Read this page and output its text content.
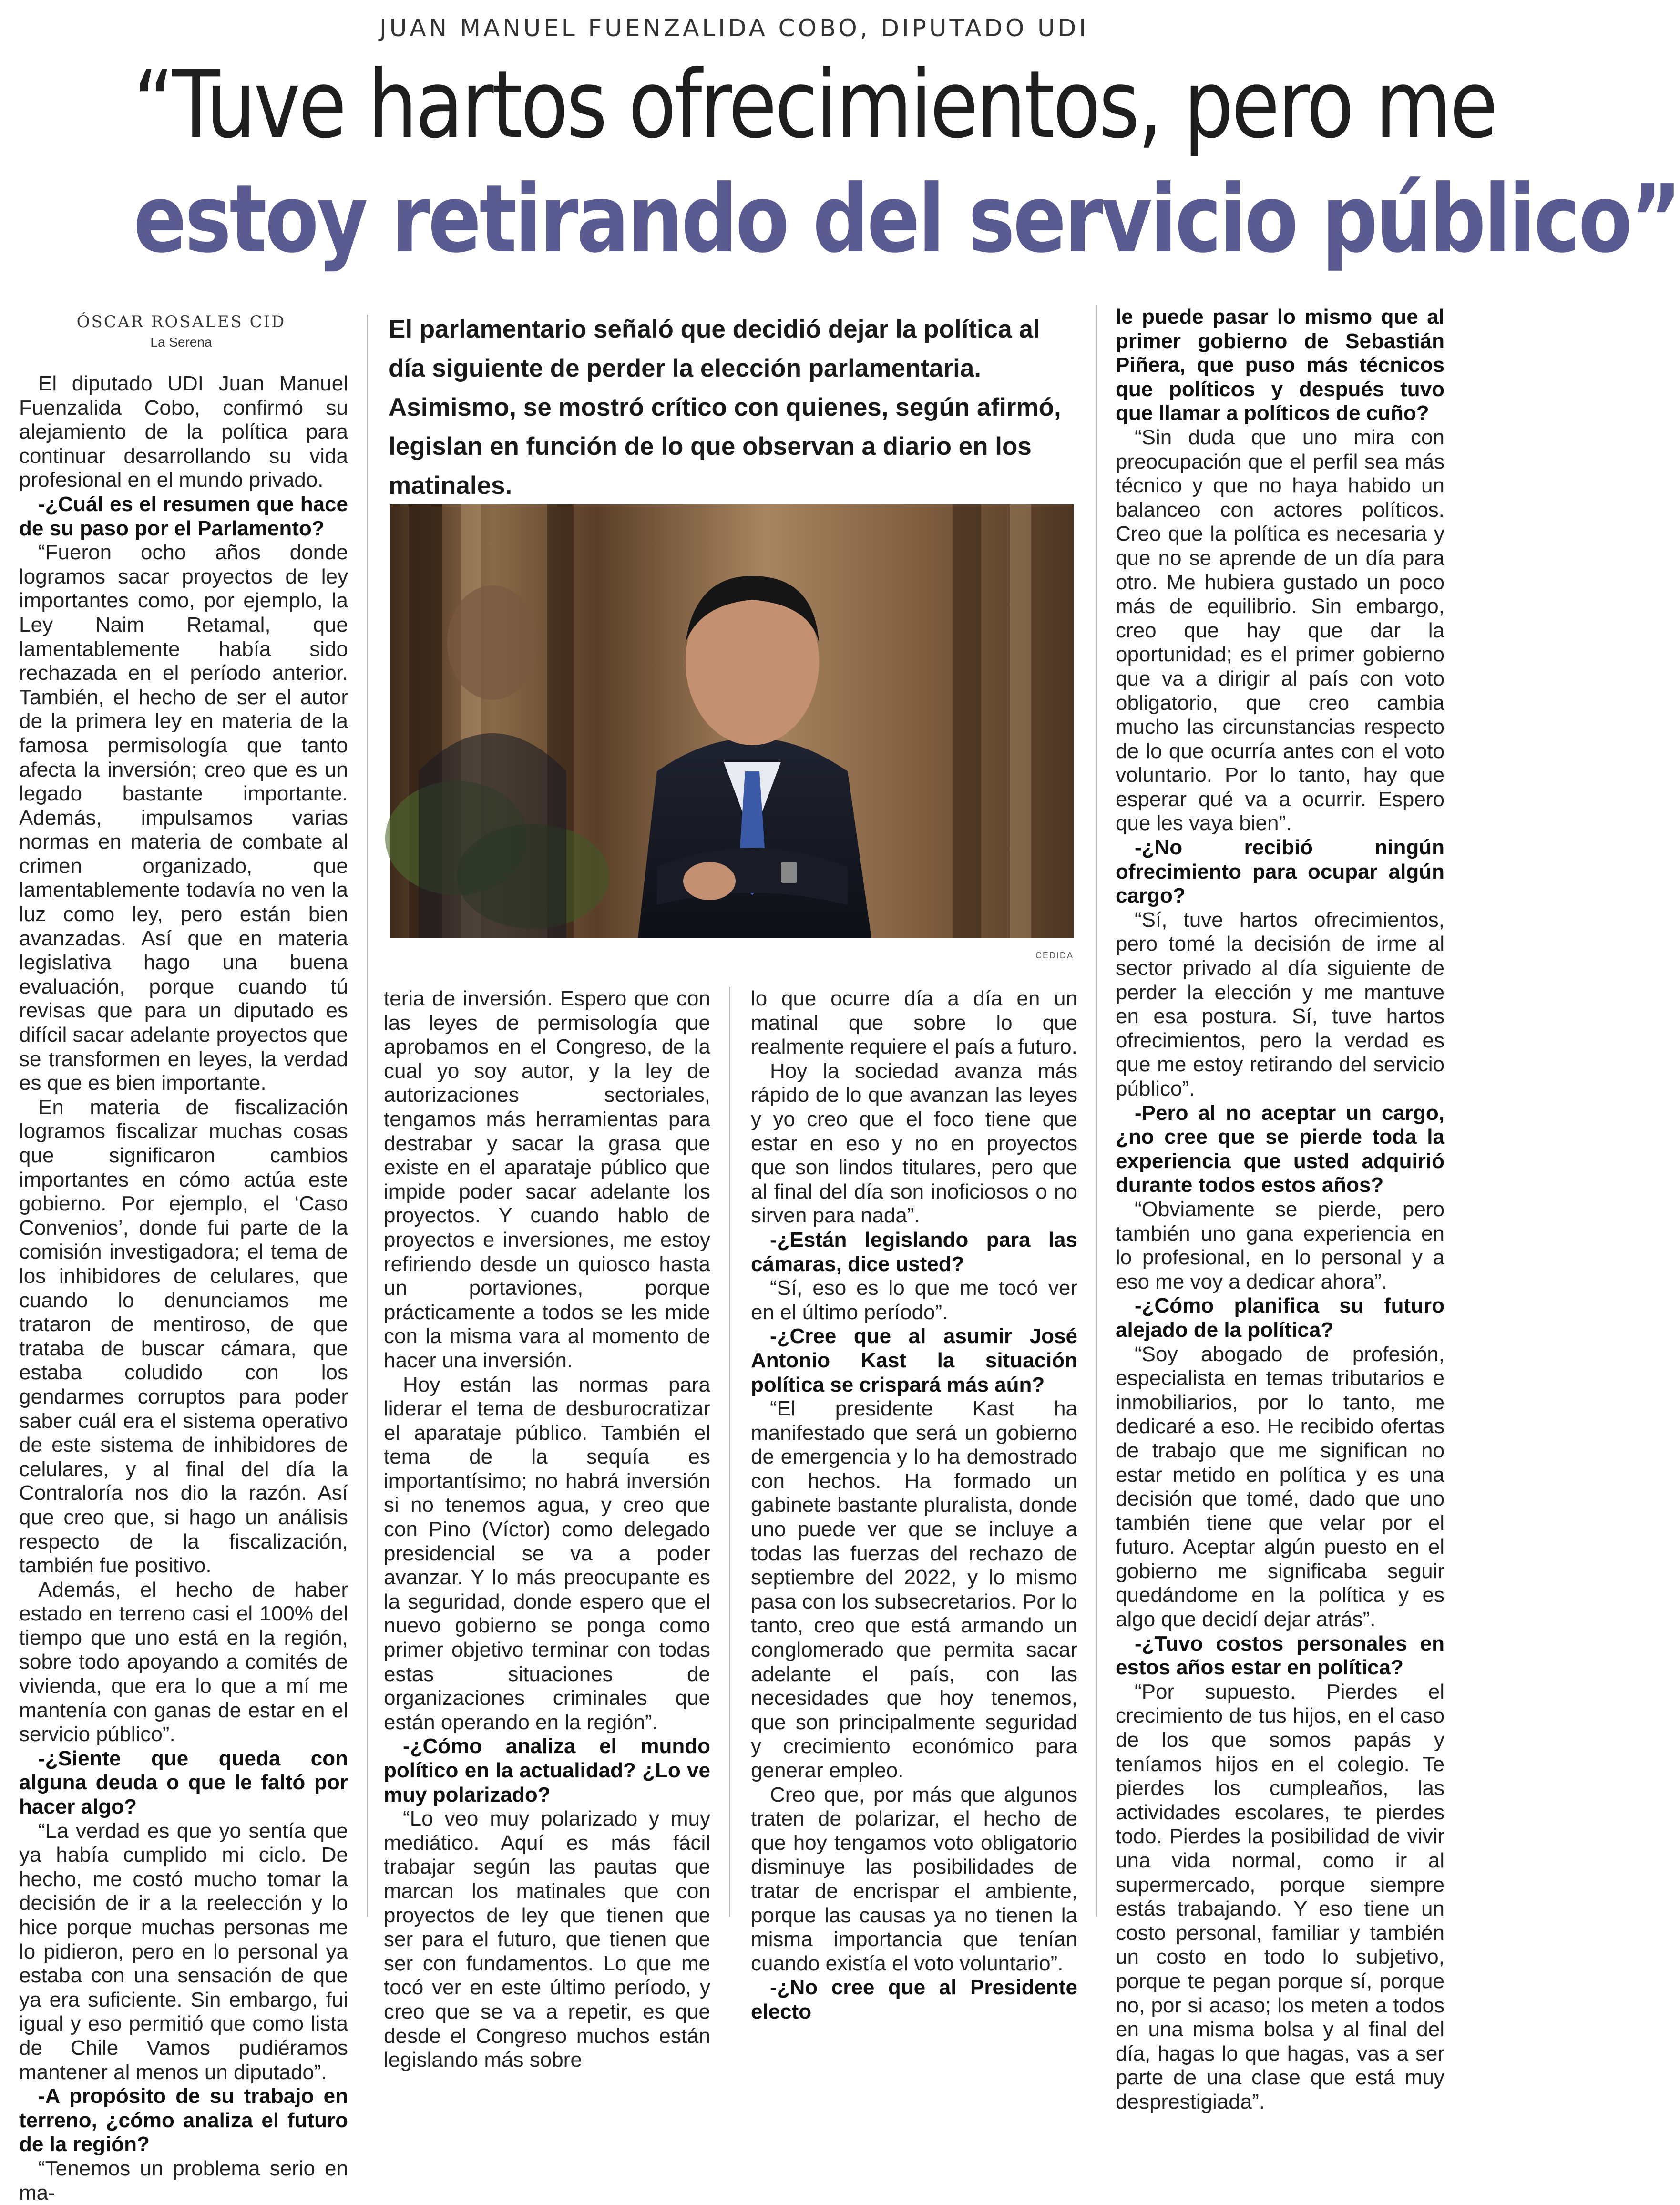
JUAN MANUEL FUENZALIDA COBO, DIPUTADO UDI
“Tuve hartos ofrecimientos, pero me
estoy retirando del servicio público”
ÓSCAR ROSALES CID
La Serena	El parlamentario señaló que decidió dejar la política al día siguiente de perder la elección parlamentaria. Asimismo, se mostró crítico con quienes, según afirmó, legislan en función de lo que observan a diario en los matinales.
CEDIDA

El diputado UDI Juan Manuel Fuenzalida Cobo, confirmó su alejamiento de la política para continuar desarrollando su vida profesional en el mundo privado.

-¿Cuál es el resumen que hace de su paso por el Parlamento?

“Fueron ocho años donde logramos sacar proyectos de ley importantes como, por ejemplo, la Ley Naim Retamal, que lamentablemente había sido rechazada en el período anterior. También, el hecho de ser el autor de la primera ley en materia de la famosa permisología que tanto afecta la inversión; creo que es un legado bastante importante. Además, impulsamos varias normas en materia de combate al crimen organizado, que lamentablemente todavía no ven la luz como ley, pero están bien avanzadas. Así que en materia legislativa hago una buena evaluación, porque cuando tú revisas que para un diputado es difícil sacar adelante proyectos que se transformen en leyes, la verdad es que es bien importante.

En materia de fiscalización logramos fiscalizar muchas cosas que significaron cambios importantes en cómo actúa este gobierno. Por ejemplo, el ‘Caso Convenios’, donde fui parte de la comisión investigadora; el tema de los inhibidores de celulares, que cuando lo denunciamos me trataron de mentiroso, de que trataba de buscar cámara, que estaba coludido con los gendarmes corruptos para poder saber cuál era el sistema operativo de este sistema de inhibidores de celulares, y al final del día la Contraloría nos dio la razón. Así que creo que, si hago un análisis respecto de la fiscalización, también fue positivo.

Además, el hecho de haber estado en terreno casi el 100% del tiempo que uno está en la región, sobre todo apoyando a comités de vivienda, que era lo que a mí me mantenía con ganas de estar en el servicio público”.

-¿Siente que queda con alguna deuda o que le faltó por hacer algo?

“La verdad es que yo sentía que ya había cumplido mi ciclo. De hecho, me costó mucho tomar la decisión de ir a la reelección y lo hice porque muchas personas me lo pidieron, pero en lo personal ya estaba con una sensación de que ya era suficiente. Sin embargo, fui igual y eso permitió que como lista de Chile Vamos pudiéramos mantener al menos un diputado”.

-A propósito de su trabajo en terreno, ¿cómo analiza el futuro de la región?

“Tenemos un problema serio en ma-

teria de inversión. Espero que con las leyes de permisología que aprobamos en el Congreso, de la cual yo soy autor, y la ley de autorizaciones sectoriales, tengamos más herramientas para destrabar y sacar la grasa que existe en el aparataje público que impide poder sacar adelante los proyectos. Y cuando hablo de proyectos e inversiones, me estoy refiriendo desde un quiosco hasta un portaviones, porque prácticamente a todos se les mide con la misma vara al momento de hacer una inversión.

Hoy están las normas para liderar el tema de desburocratizar el aparataje público. También el tema de la sequía es importantísimo; no habrá inversión si no tenemos agua, y creo que con Pino (Víctor) como delegado presidencial se va a poder avanzar. Y lo más preocupante es la seguridad, donde espero que el nuevo gobierno se ponga como primer objetivo terminar con todas estas situaciones de organizaciones criminales que están operando en la región”.

-¿Cómo analiza el mundo político en la actualidad? ¿Lo ve muy polarizado?

“Lo veo muy polarizado y muy mediático. Aquí es más fácil trabajar según las pautas que marcan los matinales que con proyectos de ley que tienen que ser para el futuro, que tienen que ser con fundamentos. Lo que me tocó ver en este último período, y creo que se va a repetir, es que desde el Congreso muchos están legislando más sobre

lo que ocurre día a día en un matinal que sobre lo que realmente requiere el país a futuro.

Hoy la sociedad avanza más rápido de lo que avanzan las leyes y yo creo que el foco tiene que estar en eso y no en proyectos que son lindos titulares, pero que al final del día son inoficiosos o no sirven para nada”.

-¿Están legislando para las cámaras, dice usted?

“Sí, eso es lo que me tocó ver en el último período”.

-¿Cree que al asumir José Antonio Kast la situación política se crispará más aún?

“El presidente Kast ha manifestado que será un gobierno de emergencia y lo ha demostrado con hechos. Ha formado un gabinete bastante pluralista, donde uno puede ver que se incluye a todas las fuerzas del rechazo de septiembre del 2022, y lo mismo pasa con los subsecretarios. Por lo tanto, creo que está armando un conglomerado que permita sacar adelante el país, con las necesidades que hoy tenemos, que son principalmente seguridad y crecimiento económico para generar empleo.

Creo que, por más que algunos traten de polarizar, el hecho de que hoy tengamos voto obligatorio disminuye las posibilidades de tratar de encrispar el ambiente, porque las causas ya no tienen la misma importancia que tenían cuando existía el voto voluntario”.

-¿No cree que al Presidente electo

le puede pasar lo mismo que al primer gobierno de Sebastián Piñera, que puso más técnicos que políticos y después tuvo que llamar a políticos de cuño?

“Sin duda que uno mira con preocupación que el perfil sea más técnico y que no haya habido un balanceo con actores políticos. Creo que la política es necesaria y que no se aprende de un día para otro. Me hubiera gustado un poco más de equilibrio. Sin embargo, creo que hay que dar la oportunidad; es el primer gobierno que va a dirigir al país con voto obligatorio, que creo cambia mucho las circunstancias respecto de lo que ocurría antes con el voto voluntario. Por lo tanto, hay que esperar qué va a ocurrir. Espero que les vaya bien”.

-¿No recibió ningún ofrecimiento para ocupar algún cargo?

“Sí, tuve hartos ofrecimientos, pero tomé la decisión de irme al sector privado al día siguiente de perder la elección y me mantuve en esa postura. Sí, tuve hartos ofrecimientos, pero la verdad es que me estoy retirando del servicio público”.

-Pero al no aceptar un cargo, ¿no cree que se pierde toda la experiencia que usted adquirió durante todos estos años?

“Obviamente se pierde, pero también uno gana experiencia en lo profesional, en lo personal y a eso me voy a dedicar ahora”.

-¿Cómo planifica su futuro alejado de la política?

“Soy abogado de profesión, especialista en temas tributarios e inmobiliarios, por lo tanto, me dedicaré a eso. He recibido ofertas de trabajo que me significan no estar metido en política y es una decisión que tomé, dado que uno también tiene que velar por el futuro. Aceptar algún puesto en el gobierno me significaba seguir quedándome en la política y es algo que decidí dejar atrás”.

-¿Tuvo costos personales en estos años estar en política?

“Por supuesto. Pierdes el crecimiento de tus hijos, en el caso de los que somos papás y teníamos hijos en el colegio. Te pierdes los cumpleaños, las actividades escolares, te pierdes todo. Pierdes la posibilidad de vivir una vida normal, como ir al supermercado, porque siempre estás trabajando. Y eso tiene un costo personal, familiar y también un costo en todo lo subjetivo, porque te pegan porque sí, porque no, por si acaso; los meten a todos en una misma bolsa y al final del día, hagas lo que hagas, vas a ser parte de una clase que está muy desprestigiada”.
